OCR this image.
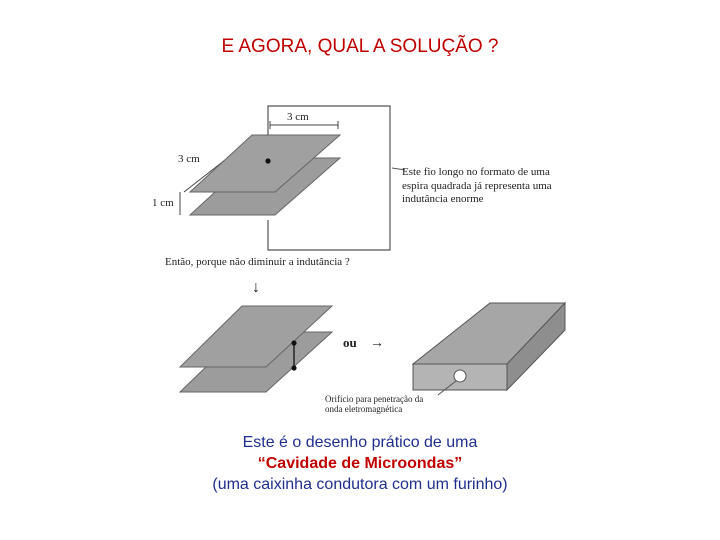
E AGORA, QUAL A SOLUÇÃO ?
3 cm
3 cm
1 cm
Este fio longo no formato de uma
espira quadrada já representa uma
indutância enorme
Então, porque não diminuir a indutância ?
↓
ou →
Orifício para penetração da
onda eletromagnética
Este é o desenho prático de uma
“Cavidade de Microondas”
(uma caixinha condutora com um furinho)
